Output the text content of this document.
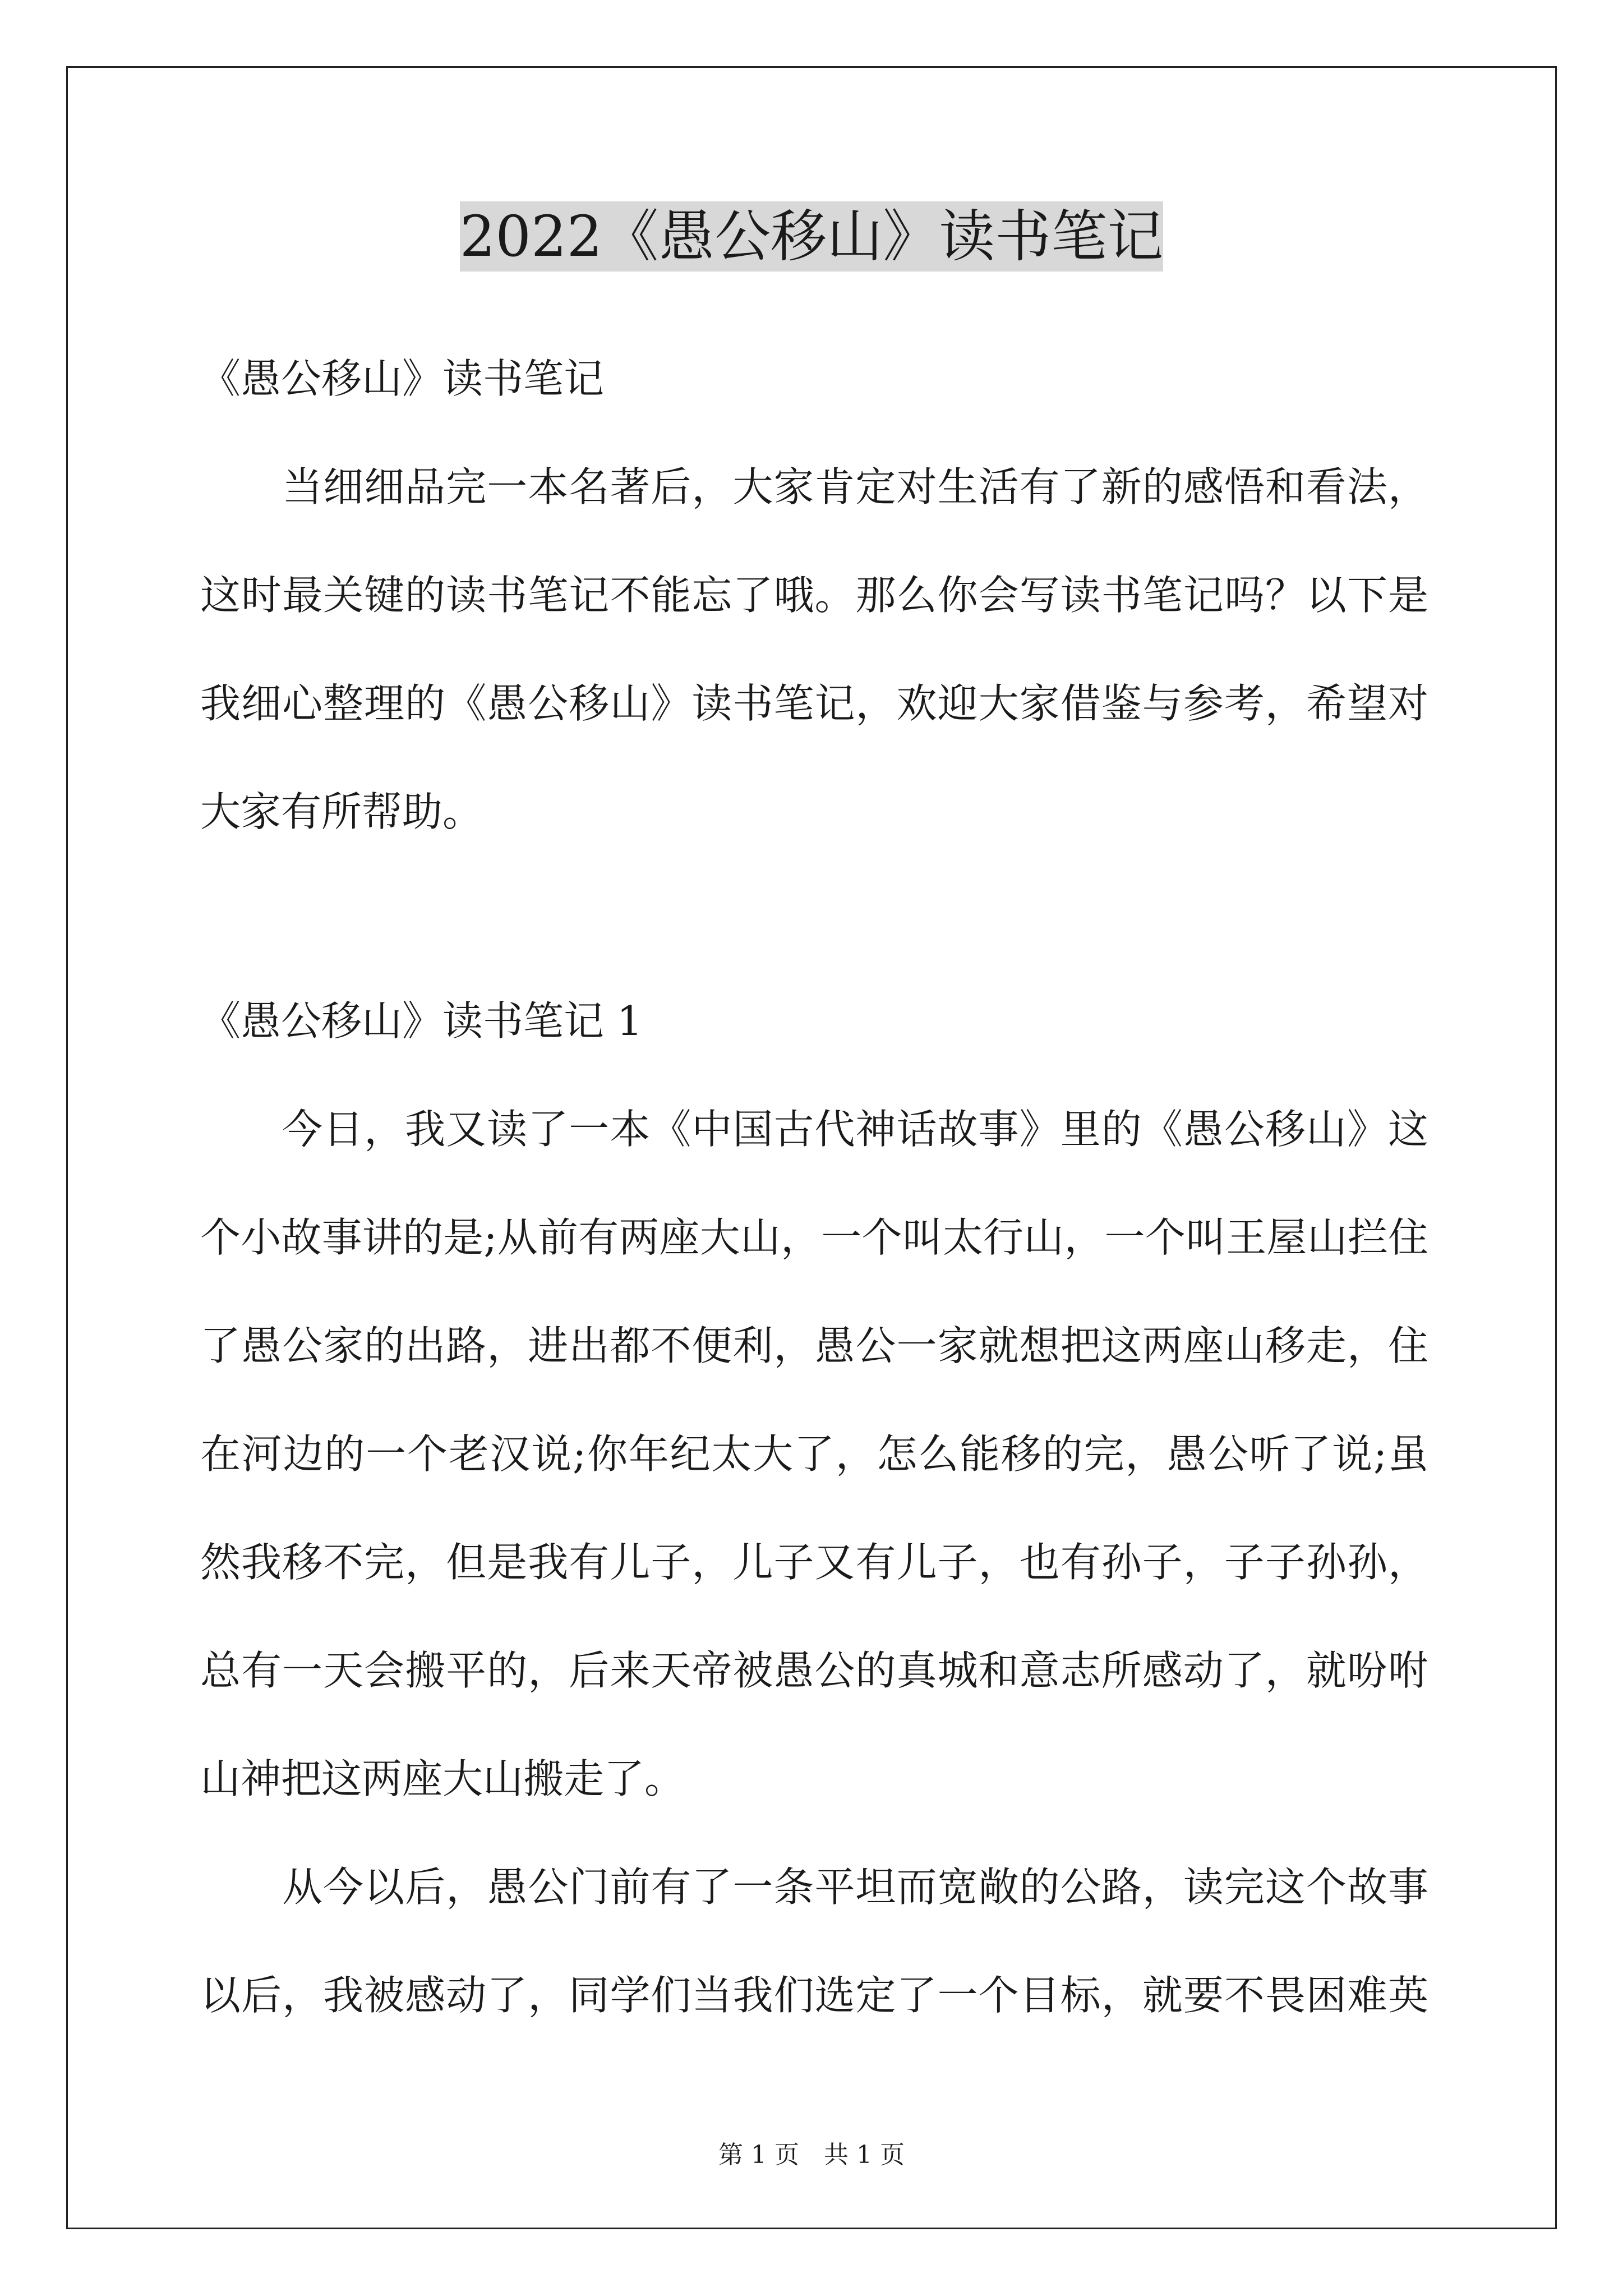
2022《愚公移山》读书笔记
《愚公移山》读书笔记
　　当细细品完一本名著后，大家肯定对生活有了新的感悟和看法，
这时最关键的读书笔记不能忘了哦。那么你会写读书笔记吗？以下是
我细心整理的《愚公移山》读书笔记，欢迎大家借鉴与参考，希望对
大家有所帮助。
《愚公移山》读书笔记 1
　　今日，我又读了一本《中国古代神话故事》里的《愚公移山》这
个小故事讲的是;从前有两座大山，一个叫太行山，一个叫王屋山拦住
了愚公家的出路，进出都不便利，愚公一家就想把这两座山移走，住
在河边的一个老汉说;你年纪太大了，怎么能移的完，愚公听了说;虽
然我移不完，但是我有儿子，儿子又有儿子，也有孙子，子子孙孙，
总有一天会搬平的，后来天帝被愚公的真城和意志所感动了，就吩咐
山神把这两座大山搬走了。
　　从今以后，愚公门前有了一条平坦而宽敞的公路，读完这个故事
以后，我被感动了，同学们当我们选定了一个目标，就要不畏困难英
第 1 页　共 1 页
